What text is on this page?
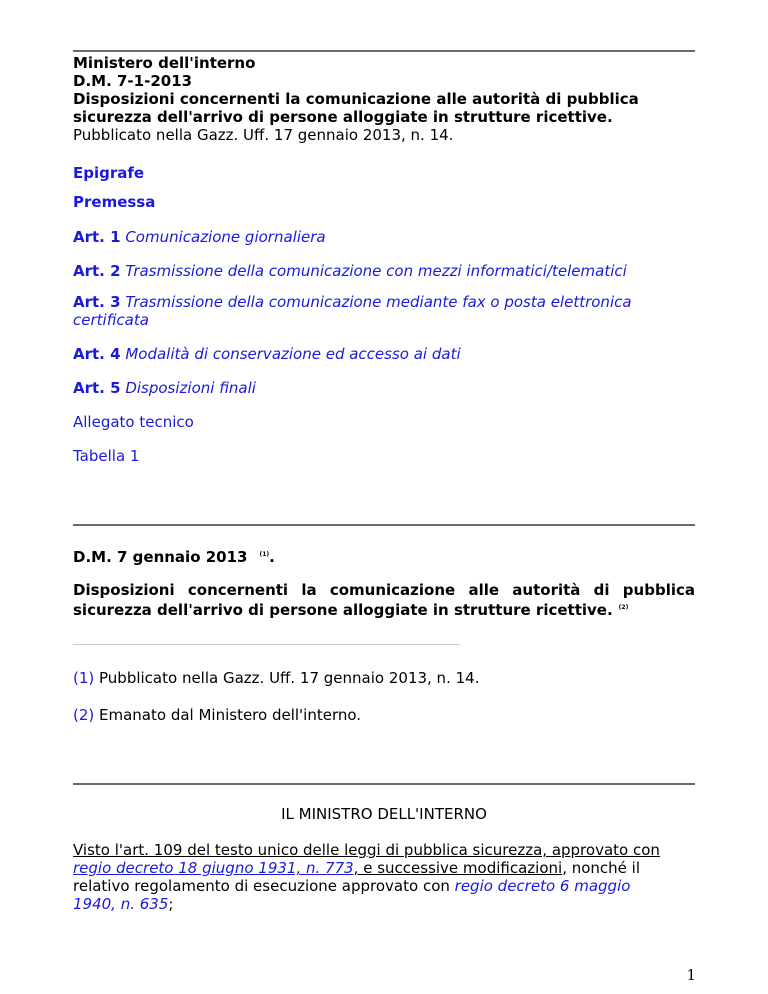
Ministero dell'interno
D.M. 7-1-2013
Disposizioni concernenti la comunicazione alle autorità di pubblica
sicurezza dell'arrivo di persone alloggiate in strutture ricettive.
Pubblicato nella Gazz. Uff. 17 gennaio 2013, n. 14.
Epigrafe
Premessa
Art. 1 Comunicazione giornaliera
Art. 2 Trasmissione della comunicazione con mezzi informatici/telematici
Art. 3 Trasmissione della comunicazione mediante fax o posta elettronica
certificata
Art. 4 Modalità di conservazione ed accesso ai dati
Art. 5 Disposizioni finali
Allegato tecnico
Tabella 1
D.M. 7 gennaio 2013 $^{(1)}$.
Disposizioni concernenti la comunicazione alle autorità di pubblica
sicurezza dell'arrivo di persone alloggiate in strutture ricettive. $^{(2)}$
(1) Pubblicato nella Gazz. Uff. 17 gennaio 2013, n. 14.
(2) Emanato dal Ministero dell'interno.
IL MINISTRO DELL'INTERNO
Visto l'art. 109 del testo unico delle leggi di pubblica sicurezza, approvato con
regio decreto 18 giugno 1931, n. 773, e successive modificazioni, nonché il
relativo regolamento di esecuzione approvato con regio decreto 6 maggio
1940, n. 635;
1
